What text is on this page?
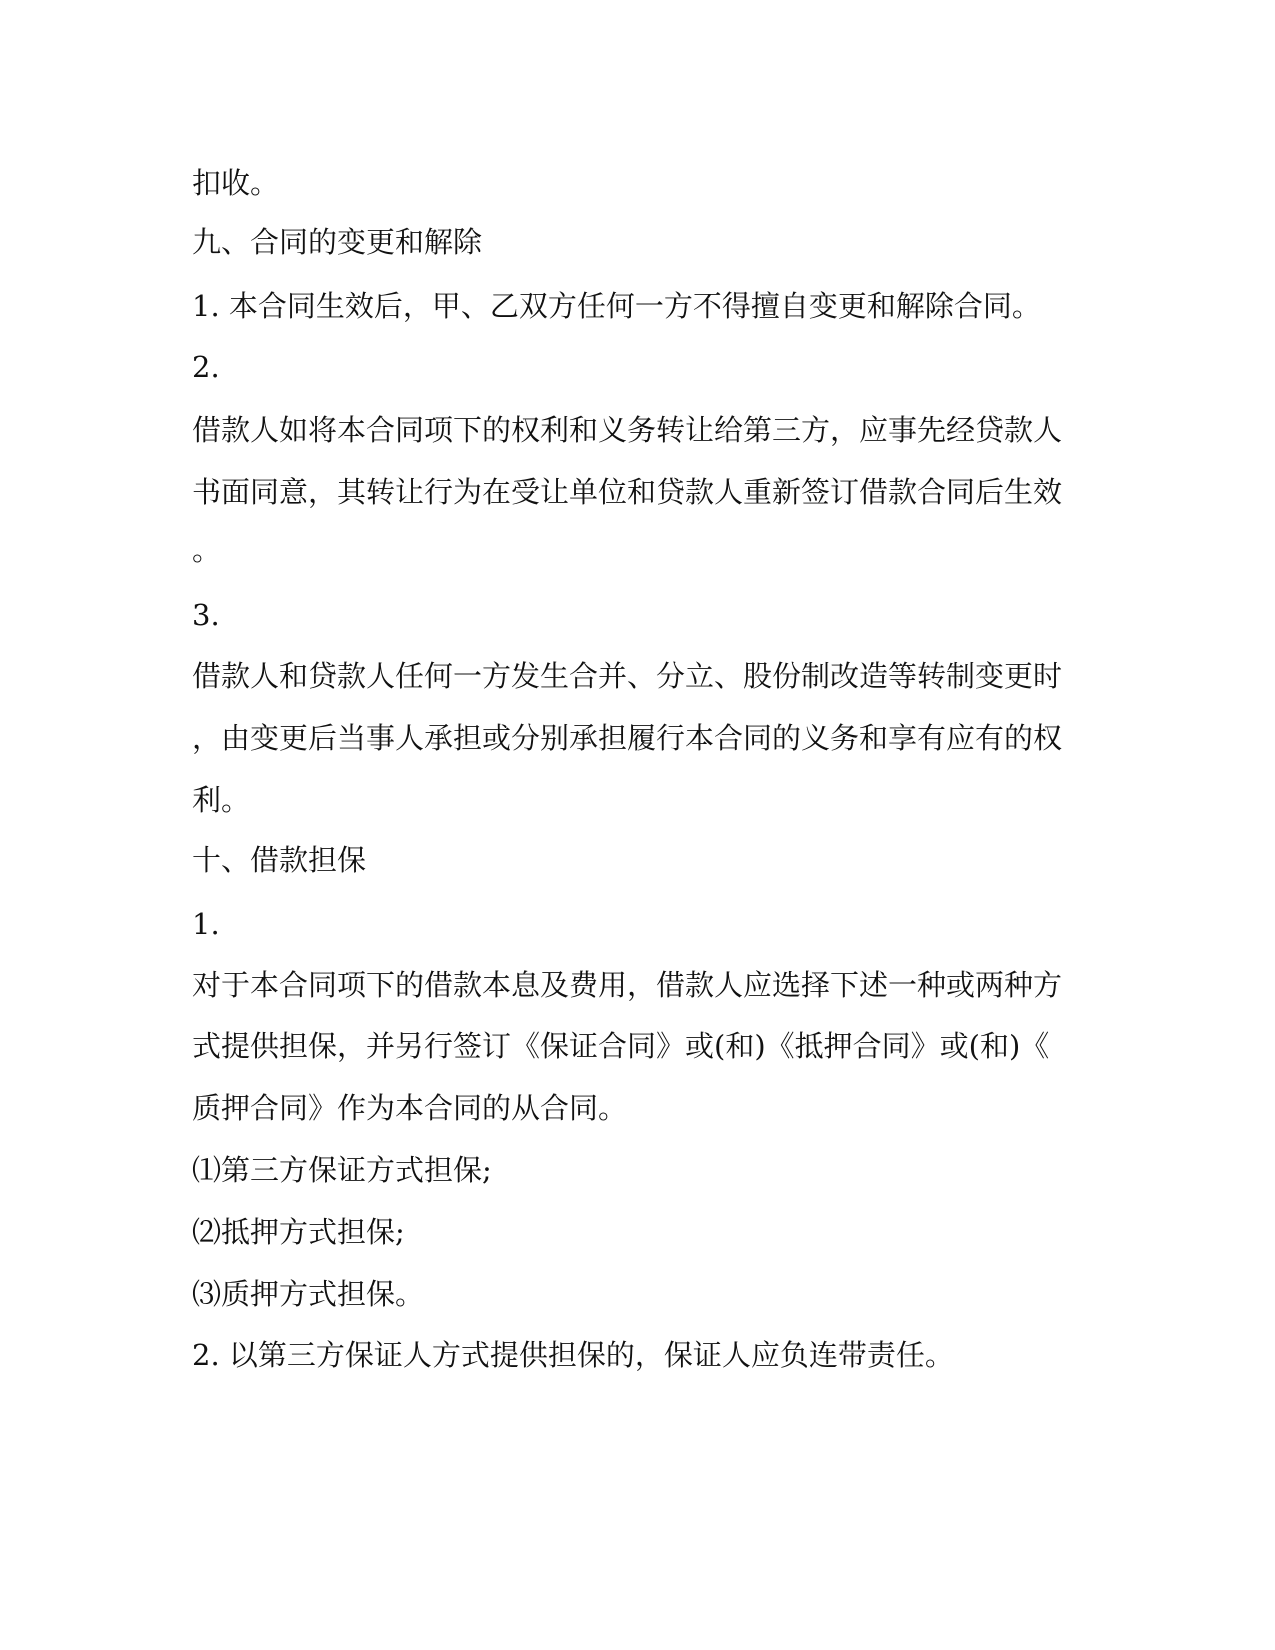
扣收。
九、合同的变更和解除
1. 本合同生效后，甲、乙双方任何一方不得擅自变更和解除合同。
2.
借款人如将本合同项下的权利和义务转让给第三方，应事先经贷款人
书面同意，其转让行为在受让单位和贷款人重新签订借款合同后生效
。
3.
借款人和贷款人任何一方发生合并、分立、股份制改造等转制变更时
，由变更后当事人承担或分别承担履行本合同的义务和享有应有的权
利。
十、借款担保
1.
对于本合同项下的借款本息及费用，借款人应选择下述一种或两种方
式提供担保，并另行签订《保证合同》或(和)《抵押合同》或(和)《
质押合同》作为本合同的从合同。
⑴第三方保证方式担保;
⑵抵押方式担保;
⑶质押方式担保。
2. 以第三方保证人方式提供担保的，保证人应负连带责任。
